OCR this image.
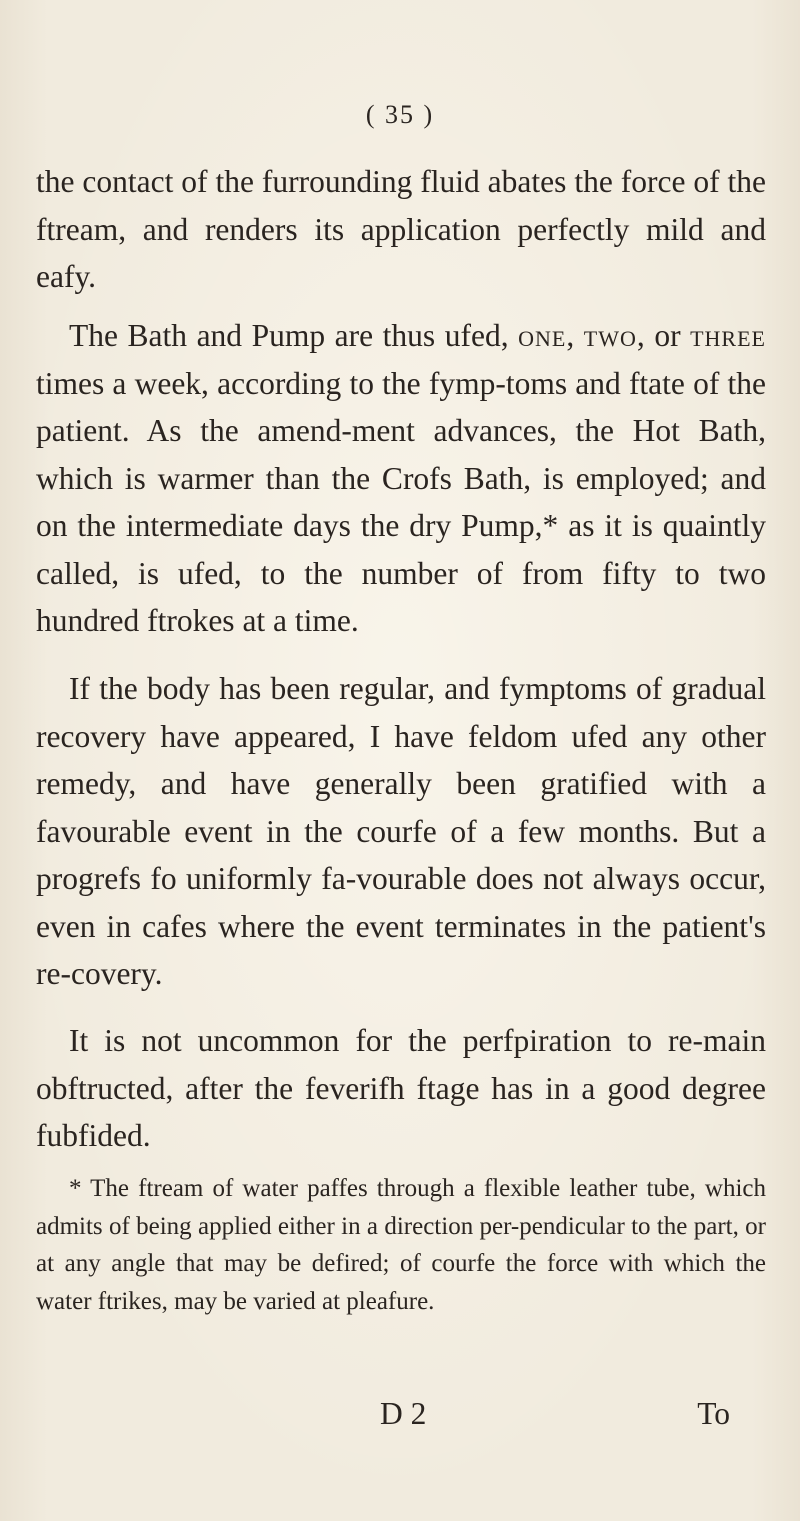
( 35 )

the contact of the furrounding fluid abates the force of the ftream, and renders its application perfectly mild and eafy.

The Bath and Pump are thus ufed, one, two, or three times a week, according to the fymp-toms and ftate of the patient. As the amend-ment advances, the Hot Bath, which is warmer than the Crofs Bath, is employed; and on the intermediate days the dry Pump,* as it is quaintly called, is ufed, to the number of from fifty to two hundred ftrokes at a time.

If the body has been regular, and fymptoms of gradual recovery have appeared, I have feldom ufed any other remedy, and have generally been gratified with a favourable event in the courfe of a few months. But a progrefs fo uniformly fa-vourable does not always occur, even in cafes where the event terminates in the patient's re-covery.

It is not uncommon for the perfpiration to re-main obftructed, after the feverifh ftage has in a good degree fubfided.

* The ftream of water paffes through a flexible leather tube, which admits of being applied either in a direction per-pendicular to the part, or at any angle that may be defired; of courfe the force with which the water ftrikes, may be varied at pleafure.

D 2	To
